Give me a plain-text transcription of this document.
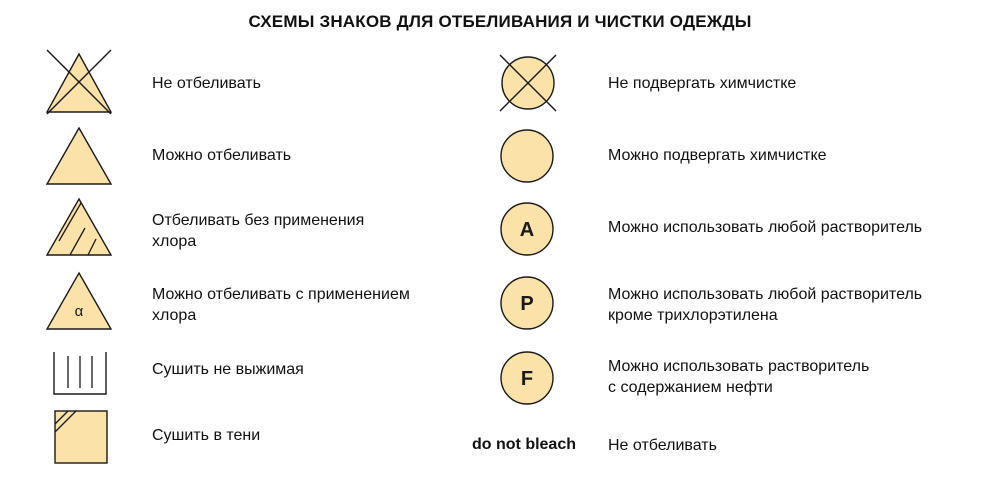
СХЕМЫ ЗНАКОВ ДЛЯ ОТБЕЛИВАНИЯ И ЧИСТКИ ОДЕЖДЫ
Не отбеливать
Можно отбеливать
Отбеливать без применения
хлора
α
Можно отбеливать с применением
хлора
Сушить не выжимая
Сушить в тени
Не подвергать химчистке
Можно подвергать химчистке
A	Можно использовать любой растворитель
P	Можно использовать любой растворитель
кроме трихлорэтилена
F
Можно использовать растворитель
с содержанием нефти
do not bleach Не отбеливать
